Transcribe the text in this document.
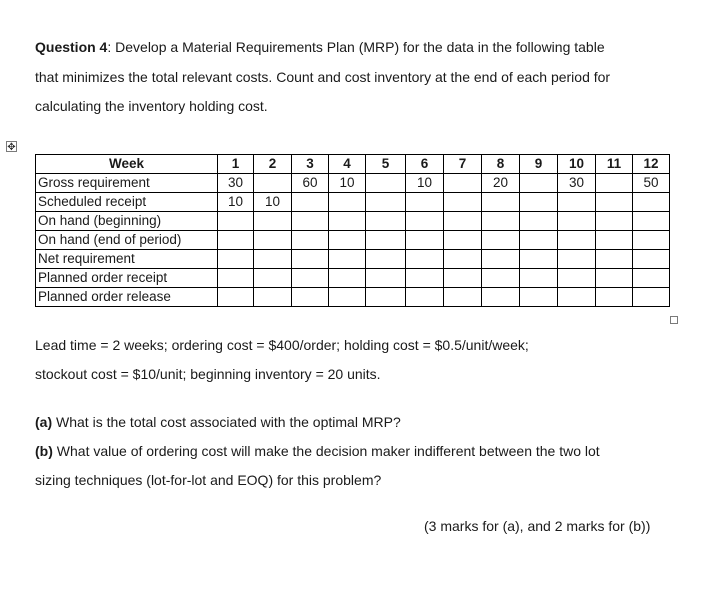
Question 4: Develop a Material Requirements Plan (MRP) for the data in the following table
that minimizes the total relevant costs. Count and cost inventory at the end of each period for
calculating the inventory holding cost.
✥
Week	1	2	3	4	5	6	7	8	9	10	11	12
Gross requirement	30		60	10		10		20		30		50
Scheduled receipt	10	10										
On hand (beginning)												
On hand (end of period)												
Net requirement												
Planned order receipt												
Planned order release												
Lead time = 2 weeks; ordering cost = $400/order; holding cost = $0.5/unit/week;
stockout cost = $10/unit; beginning inventory = 20 units.
(a) What is the total cost associated with the optimal MRP?
(b) What value of ordering cost will make the decision maker indifferent between the two lot
sizing techniques (lot-for-lot and EOQ) for this problem?
(3 marks for (a), and 2 marks for (b))
